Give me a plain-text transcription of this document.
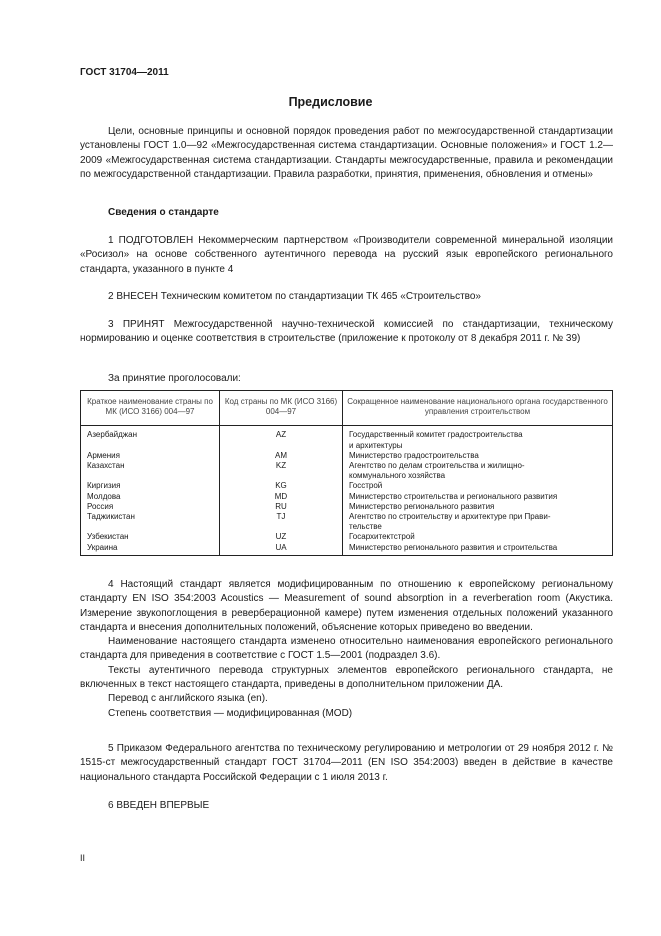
ГОСТ 31704—2011
Предисловие

Цели, основные принципы и основной порядок проведения работ по межгосударственной стандартизации установлены ГОСТ 1.0—92 «Межгосударственная система стандартизации. Основные положения» и ГОСТ 1.2—2009 «Межгосударственная система стандартизации. Стандарты межгосударственные, правила и рекомендации по межгосударственной стандартизации. Правила разработки, принятия, применения, обновления и отмены»

Сведения о стандарте

1 ПОДГОТОВЛЕН Некоммерческим партнерством «Производители современной минеральной изоляции «Росизол» на основе собственного аутентичного перевода на русский язык европейского регионального стандарта, указанного в пункте 4

2 ВНЕСЕН Техническим комитетом по стандартизации ТК 465 «Строительство»

3 ПРИНЯТ Межгосударственной научно-технической комиссией по стандартизации, техническому нормированию и оценке соответствия в строительстве (приложение к протоколу от 8 декабря 2011 г. № 39)

За принятие проголосовали:

Краткое наименование страны по МК (ИСО 3166) 004—97	Код страны по МК (ИСО 3166) 004—97	Сокращенное наименование национального органа государственного управления строительством
Азербайджан	AZ	Государственный комитет градостроительства
и архитектуры
Армения	AM	Министерство градостроительства
Казахстан	KZ	Агентство по делам строительства и жилищно-
коммунального хозяйства
Киргизия	KG	Госстрой
Молдова	MD	Министерство строительства и регионального развития
Россия	RU	Министерство регионального развития
Таджикистан	TJ	Агентство по строительству и архитектуре при Прави-
тельстве
Узбекистан	UZ	Госархитектстрой
Украина	UA	Министерство регионального развития и строительства

4 Настоящий стандарт является модифицированным по отношению к европейскому региональному стандарту EN ISO 354:2003 Acoustics — Measurement of sound absorption in a reverberation room (Акустика. Измерение звукопоглощения в реверберационной камере) путем изменения отдельных положений указанного стандарта и внесения дополнительных положений, объяснение которых приведено во введении.

Наименование настоящего стандарта изменено относительно наименования европейского регионального стандарта для приведения в соответствие с ГОСТ 1.5—2001 (подраздел 3.6).

Тексты аутентичного перевода структурных элементов европейского регионального стандарта, не включенных в текст настоящего стандарта, приведены в дополнительном приложении ДА.

Перевод с английского языка (en).

Степень соответствия — модифицированная (MOD)

5 Приказом Федерального агентства по техническому регулированию и метрологии от 29 ноября 2012 г. № 1515-ст межгосударственный стандарт ГОСТ 31704—2011 (EN ISO 354:2003) введен в действие в качестве национального стандарта Российской Федерации с 1 июля 2013 г.

6 ВВЕДЕН ВПЕРВЫЕ

II
